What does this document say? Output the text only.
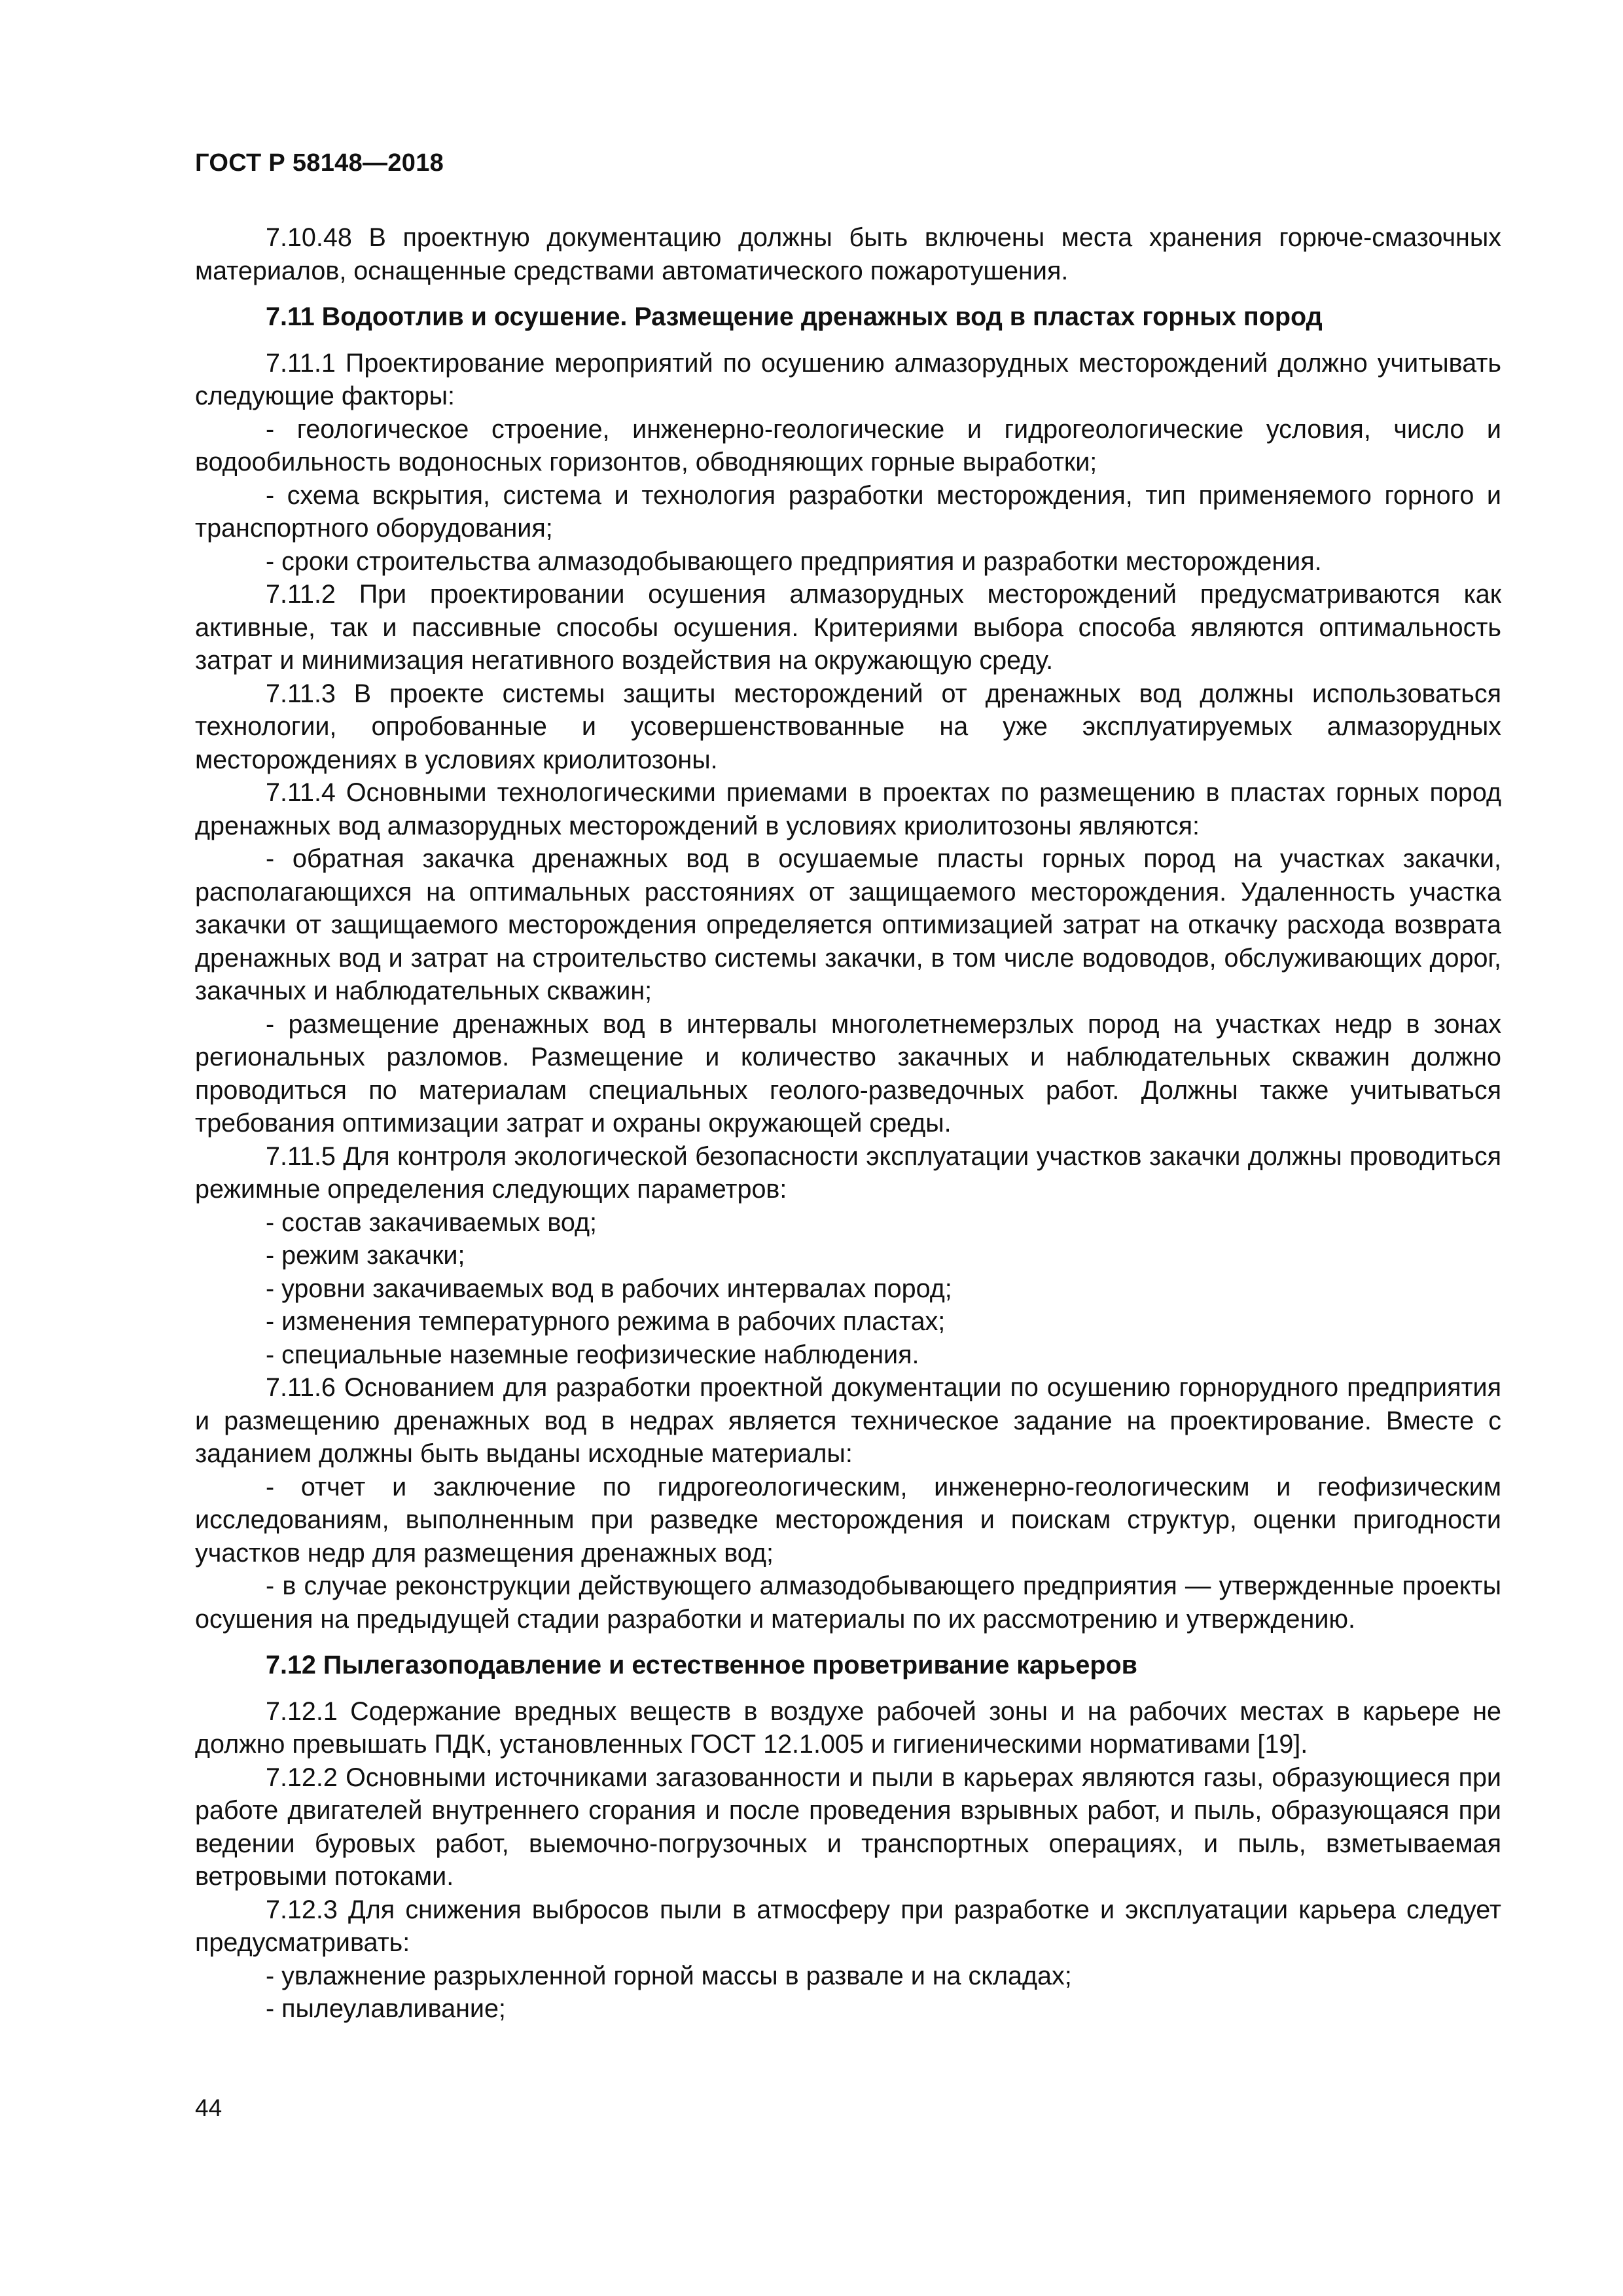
ГОСТ Р 58148—2018

7.10.48 В проектную документацию должны быть включены места хранения горюче-смазочных материалов, оснащенные средствами автоматического пожаротушения.

7.11 Водоотлив и осушение. Размещение дренажных вод в пластах горных пород

7.11.1 Проектирование мероприятий по осушению алмазорудных месторождений должно учитывать следующие факторы:

- геологическое строение, инженерно-геологические и гидрогеологические условия, число и водообильность водоносных горизонтов, обводняющих горные выработки;

- схема вскрытия, система и технология разработки месторождения, тип применяемого горного и транспортного оборудования;

- сроки строительства алмазодобывающего предприятия и разработки месторождения.

7.11.2 При проектировании осушения алмазорудных месторождений предусматриваются как активные, так и пассивные способы осушения. Критериями выбора способа являются оптимальность затрат и минимизация негативного воздействия на окружающую среду.

7.11.3 В проекте системы защиты месторождений от дренажных вод должны использоваться технологии, опробованные и усовершенствованные на уже эксплуатируемых алмазорудных месторождениях в условиях криолитозоны.

7.11.4 Основными технологическими приемами в проектах по размещению в пластах горных пород дренажных вод алмазорудных месторождений в условиях криолитозоны являются:

- обратная закачка дренажных вод в осушаемые пласты горных пород на участках закачки, располагающихся на оптимальных расстояниях от защищаемого месторождения. Удаленность участка закачки от защищаемого месторождения определяется оптимизацией затрат на откачку расхода возврата дренажных вод и затрат на строительство системы закачки, в том числе водоводов, обслуживающих дорог, закачных и наблюдательных скважин;

- размещение дренажных вод в интервалы многолетнемерзлых пород на участках недр в зонах региональных разломов. Размещение и количество закачных и наблюдательных скважин должно проводиться по материалам специальных геолого-разведочных работ. Должны также учитываться требования оптимизации затрат и охраны окружающей среды.

7.11.5 Для контроля экологической безопасности эксплуатации участков закачки должны проводиться режимные определения следующих параметров:

- состав закачиваемых вод;

- режим закачки;

- уровни закачиваемых вод в рабочих интервалах пород;

- изменения температурного режима в рабочих пластах;

- специальные наземные геофизические наблюдения.

7.11.6 Основанием для разработки проектной документации по осушению горнорудного предприятия и размещению дренажных вод в недрах является техническое задание на проектирование. Вместе с заданием должны быть выданы исходные материалы:

- отчет и заключение по гидрогеологическим, инженерно-геологическим и геофизическим исследованиям, выполненным при разведке месторождения и поискам структур, оценки пригодности участков недр для размещения дренажных вод;

- в случае реконструкции действующего алмазодобывающего предприятия — утвержденные проекты осушения на предыдущей стадии разработки и материалы по их рассмотрению и утверждению.

7.12 Пылегазоподавление и естественное проветривание карьеров

7.12.1 Содержание вредных веществ в воздухе рабочей зоны и на рабочих местах в карьере не должно превышать ПДК, установленных ГОСТ 12.1.005 и гигиеническими нормативами [19].

7.12.2 Основными источниками загазованности и пыли в карьерах являются газы, образующиеся при работе двигателей внутреннего сгорания и после проведения взрывных работ, и пыль, образующаяся при ведении буровых работ, выемочно-погрузочных и транспортных операциях, и пыль, взметываемая ветровыми потоками.

7.12.3 Для снижения выбросов пыли в атмосферу при разработке и эксплуатации карьера следует предусматривать:

- увлажнение разрыхленной горной массы в развале и на складах;

- пылеулавливание;

44
